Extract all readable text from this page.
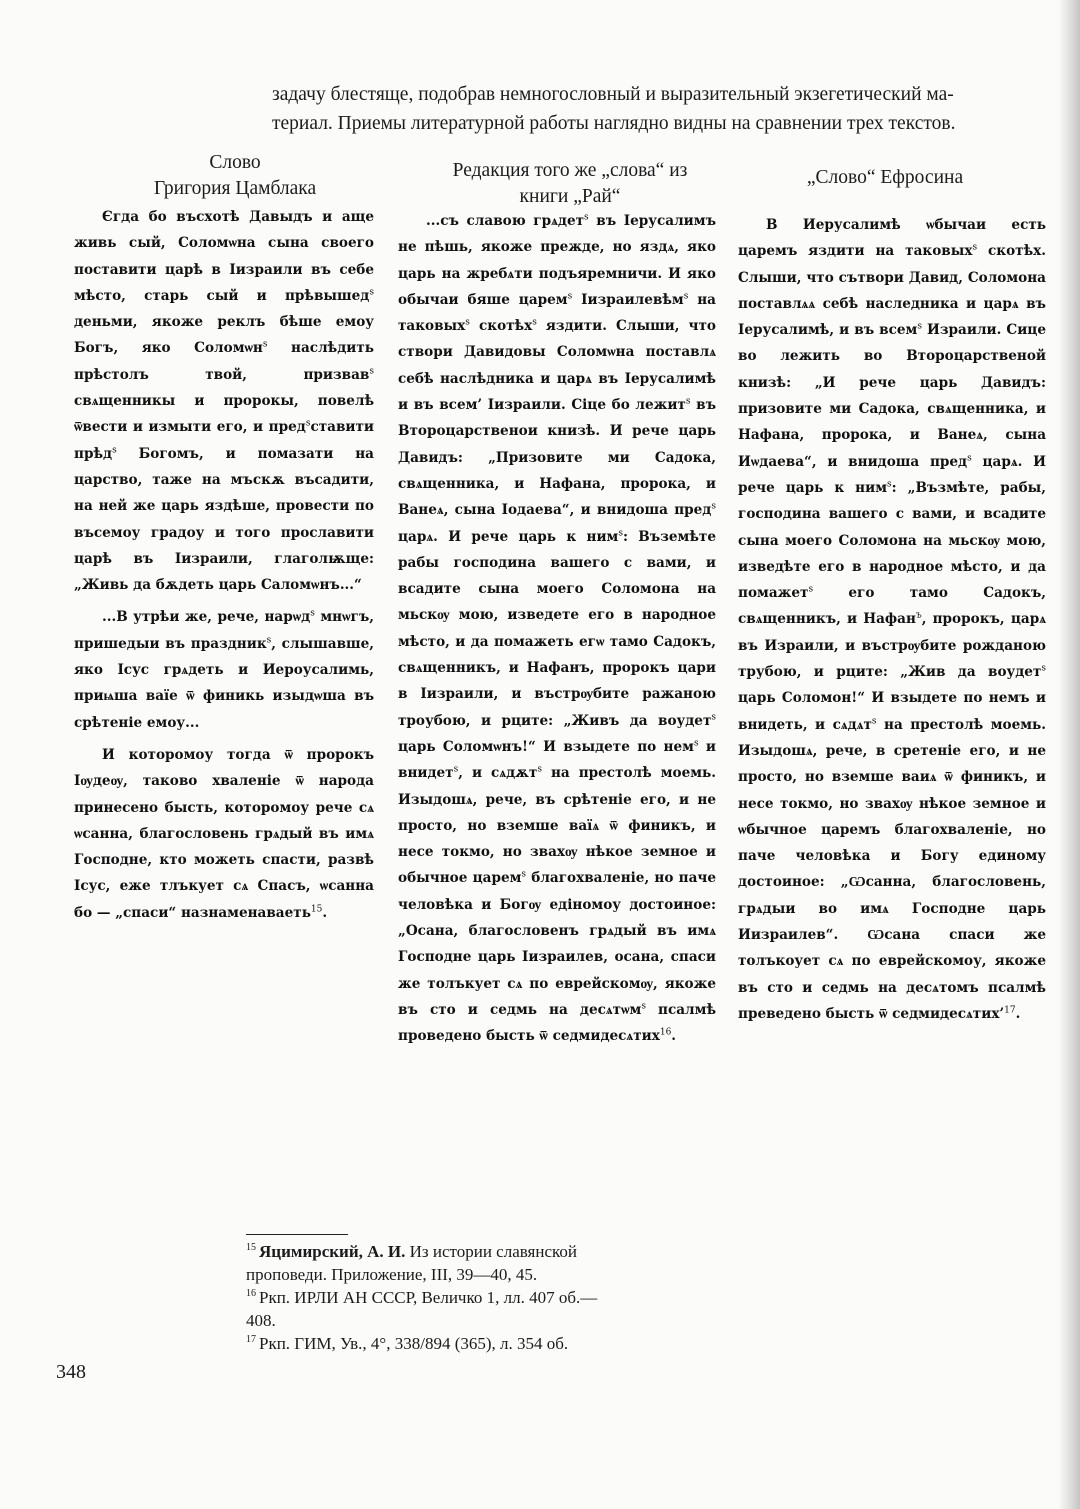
задачу блестяще, подобрав немногословный и выразительный экзегетический ма-
териал. Приемы литературной работы наглядно видны на сравнении трех текстов.
Слово
Григория Цамблака
Редакция того же „слова“ из
книги „Рай“
„Слово“ Ефросина

Єгда бо въсхотѣ Давыдъ и аще живь сый, Соломѡна сына своего поставити царѣ в Іизраили въ себе мѣсто, старь сый и прѣвышед$^ѕ$ деньми, якоже реклъ бѣше емоу Богъ, яко Соломѡн$^ѕ$ наслѣдить прѣстолъ твой, призвав$^ѕ$ свѧщенникы и пророкы, повелѣ ѿвести и измыти его, и пред$^ѕ$ставити прѣд$^ѕ$ Богомъ, и помазати на царство, таже на мъскѫ въсадити, на ней же царь яздѣше, провести по въсемоу градоу и того прославити царѣ въ Іизраили, глаголѭще: „Живь да бѫдеть царь Саломѡнъ...“

...В утрѣи же, рече, нарѡд$^ѕ$ мнѡгъ, пришедыи въ праздник$^ѕ$, слышавше, яко Ісус грѧдеть и Иероусалимь, приѩша ваїе ѿ финикь изыдѡша въ срѣтеніе емоу...

И которомоу тогда ѿ пророкъ Іѹдеѹ, таково хваленіе ѿ народа принесено бысть, которомоу рече сѧ ѡсанна, благословень грѧдый въ имѧ Господне, кто можеть спасти, развѣ Ісус, еже тлъкует сѧ Спасъ, ѡсанна бо — „спаси“ назнаменаваеть$^{15}$.

...съ славою грѧдет$^ѕ$ въ Іерусалимъ не пѣшь, якоже прежде, но яздѧ, яко царь на жребѧти подъяремничи. И яко обычаи бяше царем$^ѕ$ Іизраилевѣм$^ѕ$ на таковых$^ѕ$ скотѣх$^ѕ$ яздити. Слыши, что створи Давидовы Соломѡна поставлѧ себѣ наслѣдника и царѧ въ Іерусалимѣ и въ всем’ Іизраили. Сіце бо лежит$^ѕ$ въ Второцарственои книзѣ. И рече царь Давидъ: „Призовите ми Садока, свѧщенника, и Нафана, пророка, и Ванеѧ, сына Іодаева“, и внидоша пред$^ѕ$ царѧ. И рече царь к ним$^ѕ$: Въземѣте рабы господина вашего с вами, и всадите сына моего Соломона на мьскѹ мою, изведете его в народное мѣсто, и да помажеть егѡ тамо Садокъ, свѧщенникъ, и Нафанъ, пророкъ цари в Іизраили, и въстрѹбите ражаною троубою, и рците: „Живъ да воудет$^ѕ$ царь Соломѡнъ!“ И взыдете по нем$^ѕ$ и внидет$^ѕ$, и сѧдѫт$^ѕ$ на престолѣ моемь. Изыдошѧ, рече, въ срѣтеніе его, и не просто, но вземше ваїѧ ѿ финикъ, и несе токмо, но звахѹ нѣкое земное и обычное царем$^ѕ$ благохваленіе, но паче человѣка и Богѹ едіномоу достоиное: „Осана, благословенъ грѧдый въ имѧ Господне царь Іизраилев, осана, спаси же толъкует сѧ по еврейскомѹ, якоже въ сто и седмь на десѧтѡм$^ѕ$ псалмѣ проведено бысть ѿ седмидесѧтих$^{16}$.

В Иерусалимѣ ѡбычаи есть царемъ яздити на таковых$^ѕ$ скотѣх. Слыши, что сътвори Давид, Соломона поставлѧѧ себѣ наследника и царѧ въ Іерусалимѣ, и въ всем$^ѕ$ Израили. Сице во лежить во Второцарственой книзѣ: „И рече царь Давидъ: призовите ми Садока, свѧщенника, и Нафана, пророка, и Ванеѧ, сына Иѡдаева“, и внидоша пред$^ѕ$ царѧ. И рече царь к ним$^ѕ$: „Възмѣте, рабы, господина вашего с вами, и всадите сына моего Соломона на мьскѹ мою, изведѣте его в народное мѣсто, и да помажет$^ѕ$ его тамо Садокъ, свѧщенникъ, и Нафан$^ъ$, пророкъ, царѧ въ Израили, и въстрѹбите рожданою трубою, и рците: „Жив да воудет$^ѕ$ царь Соломон!“ И взыдете по немъ и внидеть, и сѧдѧт$^ѕ$ на престолѣ моемь. Изыдошѧ, рече, в сретеніе его, и не просто, но вземше ваиѧ ѿ финикъ, и несе токмо, но звахѹ нѣкое земное и ѡбычное царемъ благохваленіе, но паче человѣка и Богу единому достоиное: „Ѡсанна, благословень, грѧдыи во имѧ Господне царь Иизраилев“. Ѡсана спаси же толъкоует сѧ по еврейскомоу, якоже въ сто и седмь на десѧтомъ псалмѣ преведено бысть ѿ седмидесѧтих’$^{17}$.

$^{15}$ Яцимирский, А. И. Из истории славянской проповеди. Приложение, III, 39—40, 45.

$^{16}$ Ркп. ИРЛИ АН СССР, Величко 1, лл. 407 об.—408.

$^{17}$ Ркп. ГИМ, Ув., 4°, 338/894 (365), л. 354 об.

348
